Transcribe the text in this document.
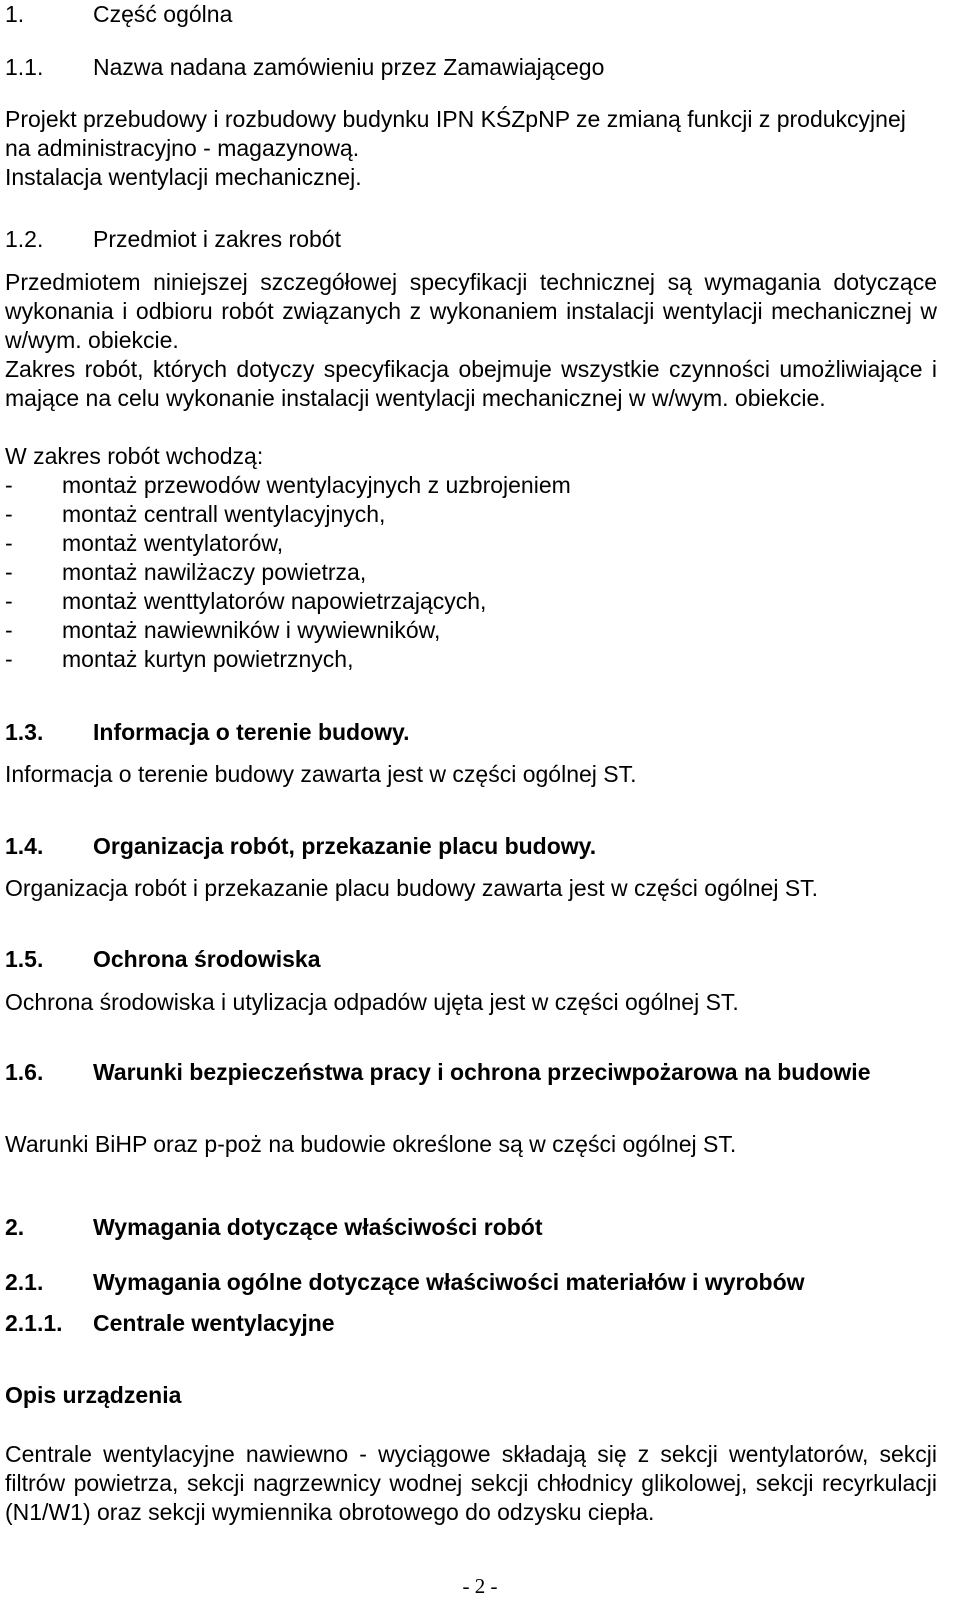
1.	Część ogólna
1.1.	Nazwa nadana zamówieniu przez Zamawiającego

Projekt przebudowy i rozbudowy budynku IPN KŚZpNP ze zmianą funkcji z produkcyjnej na administracyjno - magazynową.

Instalacja wentylacji mechanicznej.

1.2.	Przedmiot i zakres robót

Przedmiotem niniejszej szczegółowej specyfikacji technicznej są wymagania dotyczące wykonania i odbioru robót związanych z wykonaniem instalacji wentylacji mechanicznej w w/wym. obiekcie.

Zakres robót, których dotyczy specyfikacja obejmuje wszystkie czynności umożliwiające i mające na celu wykonanie instalacji wentylacji mechanicznej w w/wym. obiekcie.

W zakres robót wchodzą:

-	montaż przewodów wentylacyjnych z uzbrojeniem
-	montaż centrall wentylacyjnych,
-	montaż wentylatorów,
-	montaż nawilżaczy powietrza,
-	montaż wenttylatorów napowietrzających,
-	montaż nawiewników i wywiewników,
-	montaż kurtyn powietrznych,
1.3.	Informacja o terenie budowy.

Informacja o terenie budowy zawarta jest w części ogólnej ST.

1.4.	Organizacja robót, przekazanie placu budowy.

Organizacja robót i przekazanie placu budowy zawarta jest w części ogólnej ST.

1.5.	Ochrona środowiska

Ochrona środowiska i utylizacja odpadów ujęta jest w części ogólnej ST.

1.6. Warunki bezpieczeństwa pracy i ochrona przeciwpożarowa na budowie

Warunki BiHP oraz p-poż na budowie określone są w części ogólnej ST.

2.	Wymagania dotyczące właściwości robót
2.1.	Wymagania ogólne dotyczące właściwości materiałów i wyrobów
2.1.1.	Centrale wentylacyjne
Opis urządzenia

Centrale wentylacyjne nawiewno - wyciągowe składają się z sekcji wentylatorów, sekcji filtrów powietrza, sekcji nagrzewnicy wodnej sekcji chłodnicy glikolowej, sekcji recyrkulacji (N1/W1) oraz sekcji wymiennika obrotowego do odzysku ciepła.

- 2 -
